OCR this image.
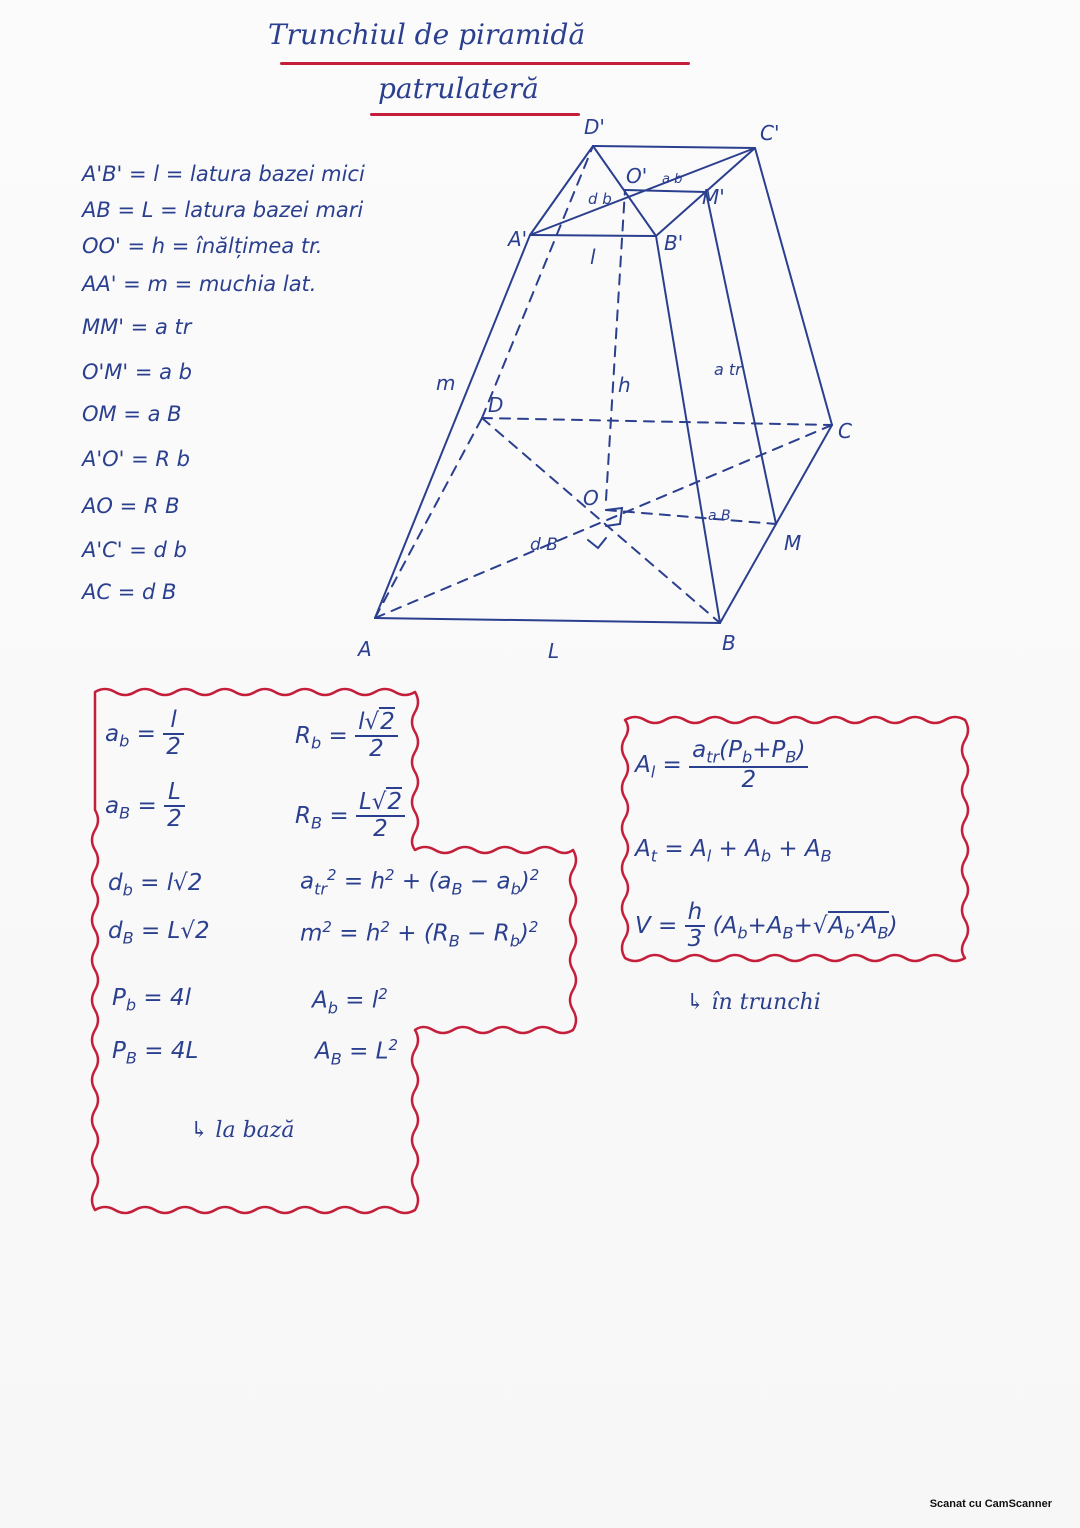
Trunchiul de piramidă
patrulateră
A'B' = l = latura bazei mici
AB = L = latura bazei mari
OO' = h = înălțimea tr.
AA' = m = muchia lat.
MM' = a tr
O'M' = a b
OM = a B
A'O' = R b
AO = R B
A'C' = d b
AC = d B
A	B
C
D
M
O
A'	B'
C'
D'
O'
M'
l
L
m	h
a tr
a B
a b
d B
d b
$a_b = \frac{l}{2}$
$a_B = \frac{L}{2}$
$R_b = \frac{l√2}{2}$
$R_B = \frac{L√2}{2}$
$d_b = l√2$
$d_B = L√2$
$a_{tr}^2 = h^2 + (a_B - a_b)^2$
$m^2 = h^2 + (R_B - R_b)^2$
$P_b = 4l$
$P_B = 4L$
$A_b = l^2$
$A_B = L^2$
↳ la bază
$A_l = \frac{a_{tr}(P_b+P_B)}{2}$
$A_t = A_l + A_b + A_B$
$V = \frac{h}{3} (A_b+A_B+√A_b\cdot A_B)$
↳ în trunchi
Scanat cu CamScanner
